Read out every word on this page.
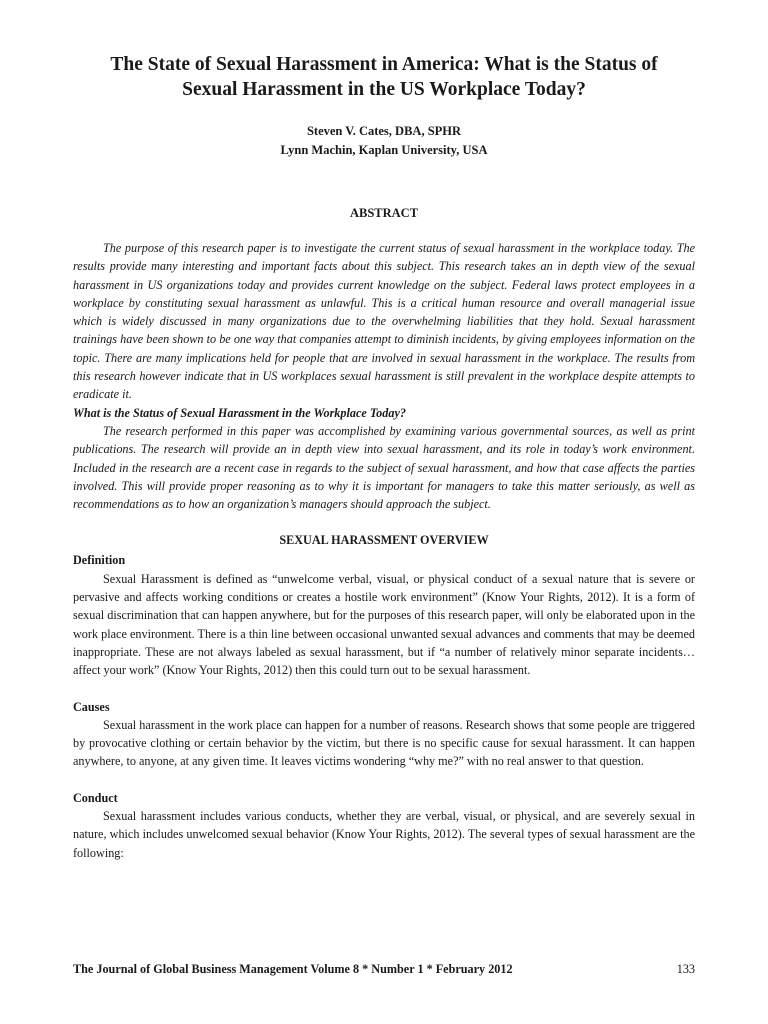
The State of Sexual Harassment in America: What is the Status of
Sexual Harassment in the US Workplace Today?
Steven V. Cates, DBA, SPHR
Lynn Machin, Kaplan University, USA
ABSTRACT

The purpose of this research paper is to investigate the current status of sexual harassment in the workplace today. The results provide many interesting and important facts about this subject. This research takes an in depth view of the sexual harassment in US organizations today and provides current knowledge on the subject. Federal laws protect employees in a workplace by constituting sexual harassment as unlawful. This is a critical human resource and overall managerial issue which is widely discussed in many organizations due to the overwhelming liabilities that they hold. Sexual harassment trainings have been shown to be one way that companies attempt to diminish incidents, by giving employees information on the topic. There are many implications held for people that are involved in sexual harassment in the workplace. The results from this research however indicate that in US workplaces sexual harassment is still prevalent in the workplace despite attempts to eradicate it.

What is the Status of Sexual Harassment in the Workplace Today?

The research performed in this paper was accomplished by examining various governmental sources, as well as print publications. The research will provide an in depth view into sexual harassment, and its role in today’s work environment. Included in the research are a recent case in regards to the subject of sexual harassment, and how that case affects the parties involved. This will provide proper reasoning as to why it is important for managers to take this matter seriously, as well as recommendations as to how an organization’s managers should approach the subject.

SEXUAL HARASSMENT OVERVIEW
Definition

Sexual Harassment is defined as “unwelcome verbal, visual, or physical conduct of a sexual nature that is severe or pervasive and affects working conditions or creates a hostile work environment” (Know Your Rights, 2012). It is a form of sexual discrimination that can happen anywhere, but for the purposes of this research paper, will only be elaborated upon in the work place environment. There is a thin line between occasional unwanted sexual advances and comments that may be deemed inappropriate. These are not always labeled as sexual harassment, but if “a number of relatively minor separate incidents…affect your work” (Know Your Rights, 2012) then this could turn out to be sexual harassment.

Causes

Sexual harassment in the work place can happen for a number of reasons. Research shows that some people are triggered by provocative clothing or certain behavior by the victim, but there is no specific cause for sexual harassment. It can happen anywhere, to anyone, at any given time. It leaves victims wondering “why me?” with no real answer to that question.

Conduct

Sexual harassment includes various conducts, whether they are verbal, visual, or physical, and are severely sexual in nature, which includes unwelcomed sexual behavior (Know Your Rights, 2012). The several types of sexual harassment are the following:

The Journal of Global Business Management Volume 8 * Number 1 * February 2012	133
